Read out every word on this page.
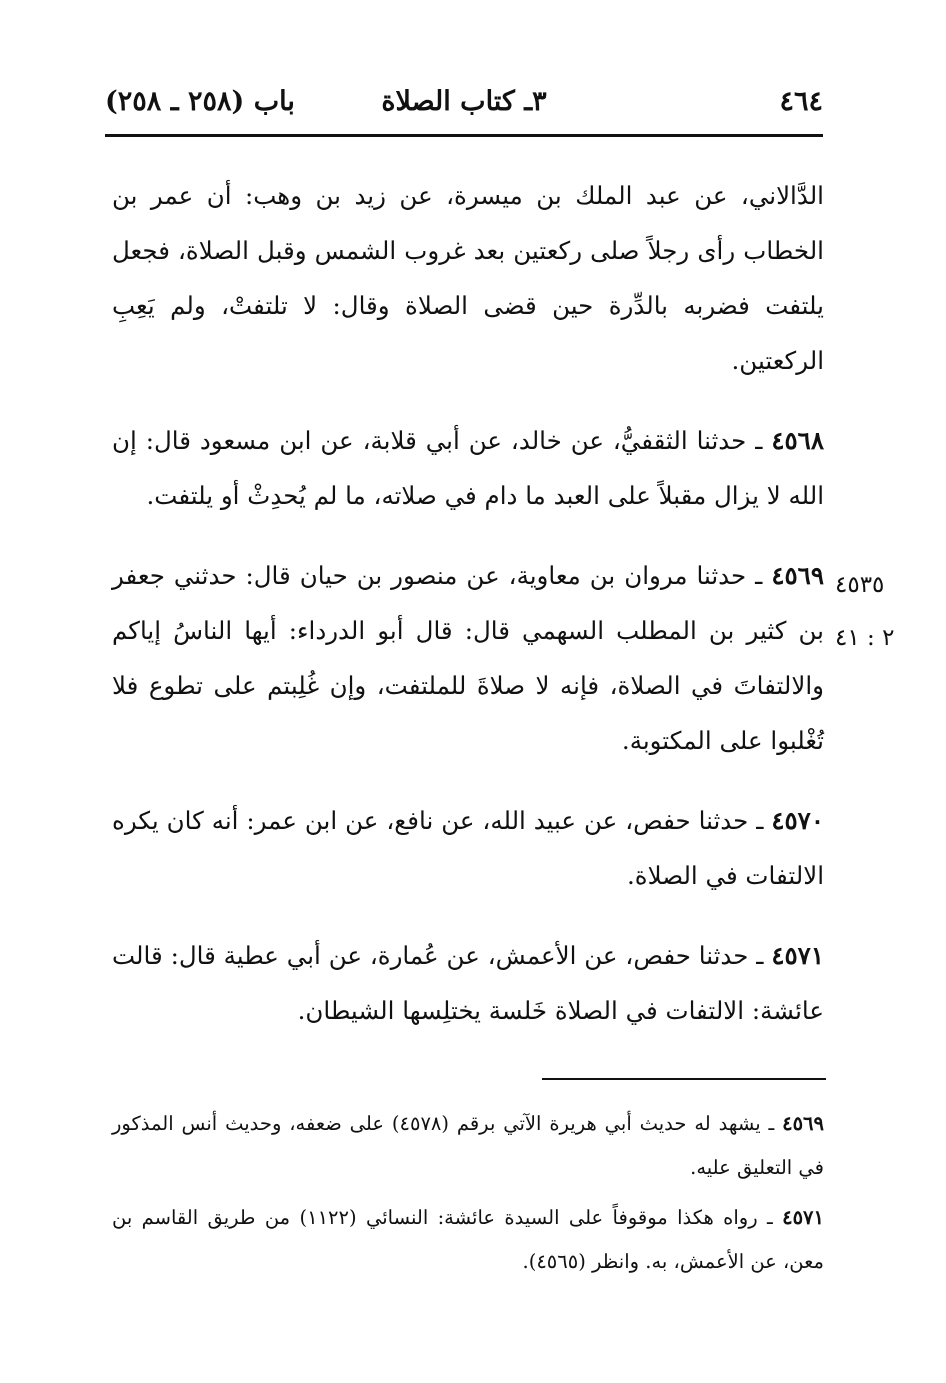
٤٦٤
٣ـ كتاب الصلاة
باب (٢٥٨ ـ ٢٥٨)
٤٥٣٥
٢ : ٤١

الدَّالاني، عن عبد الملك بن ميسرة، عن زيد بن وهب: أن عمر بن الخطاب رأى رجلاً صلى ركعتين بعد غروب الشمس وقبل الصلاة، فجعل يلتفت فضربه بالدِّرة حين قضى الصلاة وقال: لا تلتفتْ، ولم يَعِبِ الركعتين.

٤٥٦٨ ـ حدثنا الثقفيُّ، عن خالد، عن أبي قلابة، عن ابن مسعود قال: إن الله لا يزال مقبلاً على العبد ما دام في صلاته، ما لم يُحدِثْ أو يلتفت.

٤٥٦٩ ـ حدثنا مروان بن معاوية، عن منصور بن حيان قال: حدثني جعفر بن كثير بن المطلب السهمي قال: قال أبو الدرداء: أيها الناسُ إياكم والالتفاتَ في الصلاة، فإنه لا صلاةَ للملتفت، وإن غُلِبتم على تطوع فلا تُغْلبوا على المكتوبة.

٤٥٧٠ ـ حدثنا حفص، عن عبيد الله، عن نافع، عن ابن عمر: أنه كان يكره الالتفات في الصلاة.

٤٥٧١ ـ حدثنا حفص، عن الأعمش، عن عُمارة، عن أبي عطية قال: قالت عائشة: الالتفات في الصلاة خَلسة يختلِسها الشيطان.

٤٥٦٩ ـ يشهد له حديث أبي هريرة الآتي برقم (٤٥٧٨) على ضعفه، وحديث أنس المذكور في التعليق عليه.

٤٥٧١ ـ رواه هكذا موقوفاً على السيدة عائشة: النسائي (١١٢٢) من طريق القاسم بن معن، عن الأعمش، به. وانظر (٤٥٦٥).
